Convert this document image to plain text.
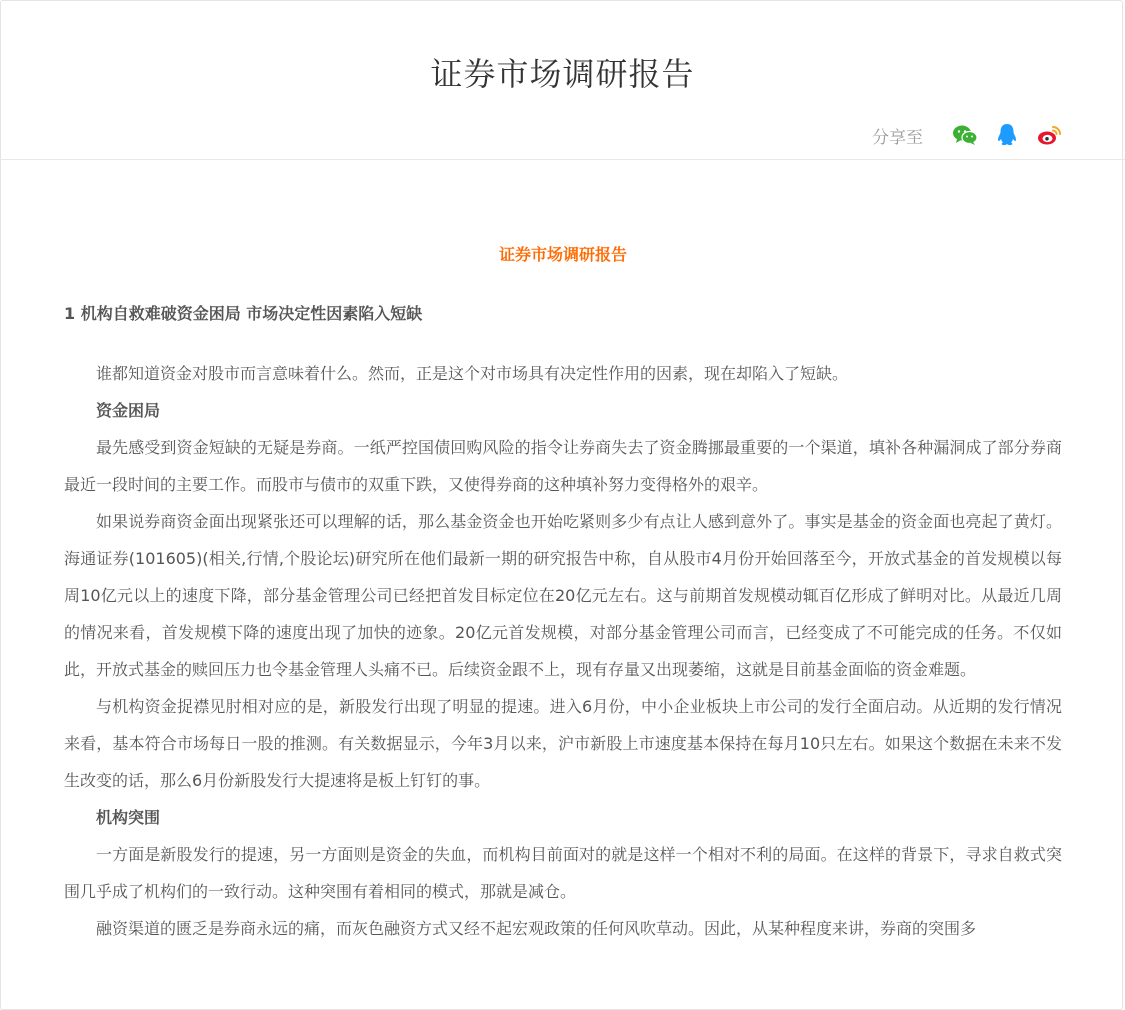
证券市场调研报告
分享至
证券市场调研报告
1 机构自救难破资金困局 市场决定性因素陷入短缺

谁都知道资金对股市而言意味着什么。然而，正是这个对市场具有决定性作用的因素，现在却陷入了短缺。

资金困局

最先感受到资金短缺的无疑是券商。一纸严控国债回购风险的指令让券商失去了资金腾挪最重要的一个渠道，填补各种漏洞成了部分券商最近一段时间的主要工作。而股市与债市的双重下跌，又使得券商的这种填补努力变得格外的艰辛。

如果说券商资金面出现紧张还可以理解的话，那么基金资金也开始吃紧则多少有点让人感到意外了。事实是基金的资金面也亮起了黄灯。海通证券(101605)(相关,行情,个股论坛)研究所在他们最新一期的研究报告中称，自从股市4月份开始回落至今，开放式基金的首发规模以每周10亿元以上的速度下降，部分基金管理公司已经把首发目标定位在20亿元左右。这与前期首发规模动辄百亿形成了鲜明对比。从最近几周的情况来看，首发规模下降的速度出现了加快的迹象。20亿元首发规模，对部分基金管理公司而言，已经变成了不可能完成的任务。不仅如此，开放式基金的赎回压力也令基金管理人头痛不已。后续资金跟不上，现有存量又出现萎缩，这就是目前基金面临的资金难题。

与机构资金捉襟见肘相对应的是，新股发行出现了明显的提速。进入6月份，中小企业板块上市公司的发行全面启动。从近期的发行情况来看，基本符合市场每日一股的推测。有关数据显示，今年3月以来，沪市新股上市速度基本保持在每月10只左右。如果这个数据在未来不发生改变的话，那么6月份新股发行大提速将是板上钉钉的事。

机构突围

一方面是新股发行的提速，另一方面则是资金的失血，而机构目前面对的就是这样一个相对不利的局面。在这样的背景下，寻求自救式突围几乎成了机构们的一致行动。这种突围有着相同的模式，那就是减仓。

融资渠道的匮乏是券商永远的痛，而灰色融资方式又经不起宏观政策的任何风吹草动。因此，从某种程度来讲，券商的突围多
